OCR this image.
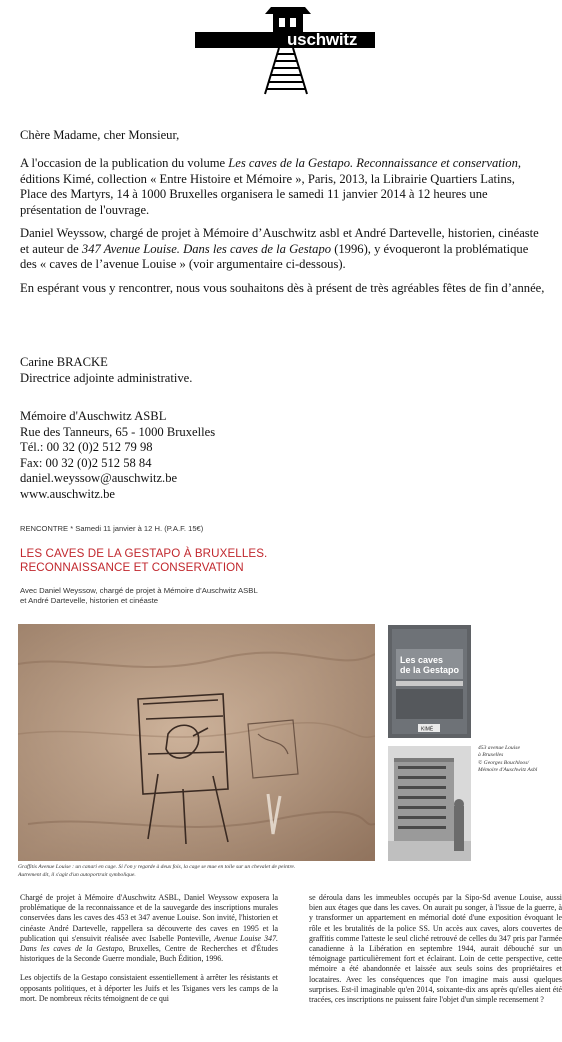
uschwitz

Chère Madame, cher Monsieur,

A l'occasion de la publication du volume Les caves de la Gestapo. Reconnaissance et conservation, éditions Kimé, collection « Entre Histoire et Mémoire », Paris, 2013, la Librairie Quartiers Latins, Place des Martyrs, 14 à 1000 Bruxelles organisera le samedi 11 janvier 2014 à 12 heures une présentation de l'ouvrage.

Daniel Weyssow, chargé de projet à Mémoire d’Auschwitz asbl et André Dartevelle, historien, cinéaste et auteur de 347 Avenue Louise. Dans les caves de la Gestapo (1996), y évoqueront la problématique des « caves de l’avenue Louise » (voir argumentaire ci-dessous).

En espérant vous y rencontrer, nous vous souhaitons dès à présent de très agréables fêtes de fin d’année,

Carine BRACKE
Directrice adjointe administrative.
Mémoire d'Auschwitz ASBL
Rue des Tanneurs, 65 - 1000 Bruxelles
Tél.: 00 32 (0)2 512 79 98
Fax: 00 32 (0)2 512 58 84
daniel.weyssow@auschwitz.be
www.auschwitz.be
RENCONTRE * Samedi 11 janvier à 12 H. (P.A.F. 15€)
LES CAVES DE LA GESTAPO À BRUXELLES.
RECONNAISSANCE ET CONSERVATION
Avec Daniel Weyssow, chargé de projet à Mémoire d’Auschwitz ASBL
et André Dartevelle, historien et cinéaste
Graffitis Avenue Louise : un canari en cage. Si l'on y regarde à deux fois, la cage se mue en toile sur un chevalet de peintre. Autrement dit, il s'agit d'un autoportrait symbolique.
Les caves
de la Gestapo
KIMÉ
453 avenue Louise
à Bruxelles
© Georges Bouchloos/
Mémoire d'Auschwitz Asbl

Chargé de projet à Mémoire d'Auschwitz ASBL, Daniel Weyssow exposera la problématique de la reconnaissance et de la sauvegarde des inscriptions murales conservées dans les caves des 453 et 347 avenue Louise. Son invité, l'historien et cinéaste André Dartevelle, rappellera sa découverte des caves en 1995 et la publication qui s'ensuivit réalisée avec Isabelle Ponteville, Avenue Louise 347. Dans les caves de la Gestapo, Bruxelles, Centre de Recherches et d'Études historiques de la Seconde Guerre mondiale, Buch Édition, 1996.

Les objectifs de la Gestapo consistaient essentiellement à arrêter les résistants et opposants politiques, et à déporter les Juifs et les Tsiganes vers les camps de la mort. De nombreux récits témoignent de ce qui

se déroula dans les immeubles occupés par la Sipo-Sd avenue Louise, aussi bien aux étages que dans les caves. On aurait pu songer, à l'issue de la guerre, à y transformer un appartement en mémorial doté d'une exposition évoquant le rôle et les brutalités de la police SS. Un accès aux caves, alors couvertes de graffitis comme l'atteste le seul cliché retrouvé de celles du 347 pris par l'armée canadienne à la Libération en septembre 1944, aurait débouché sur un témoignage particulièrement fort et éclairant. Loin de cette perspective, cette mémoire a été abandonnée et laissée aux seuls soins des propriétaires et locataires. Avec les conséquences que l'on imagine mais aussi quelques surprises. Est-il imaginable qu'en 2014, soixante-dix ans après qu'elles aient été tracées, ces inscriptions ne puissent faire l'objet d'un simple recensement ?
